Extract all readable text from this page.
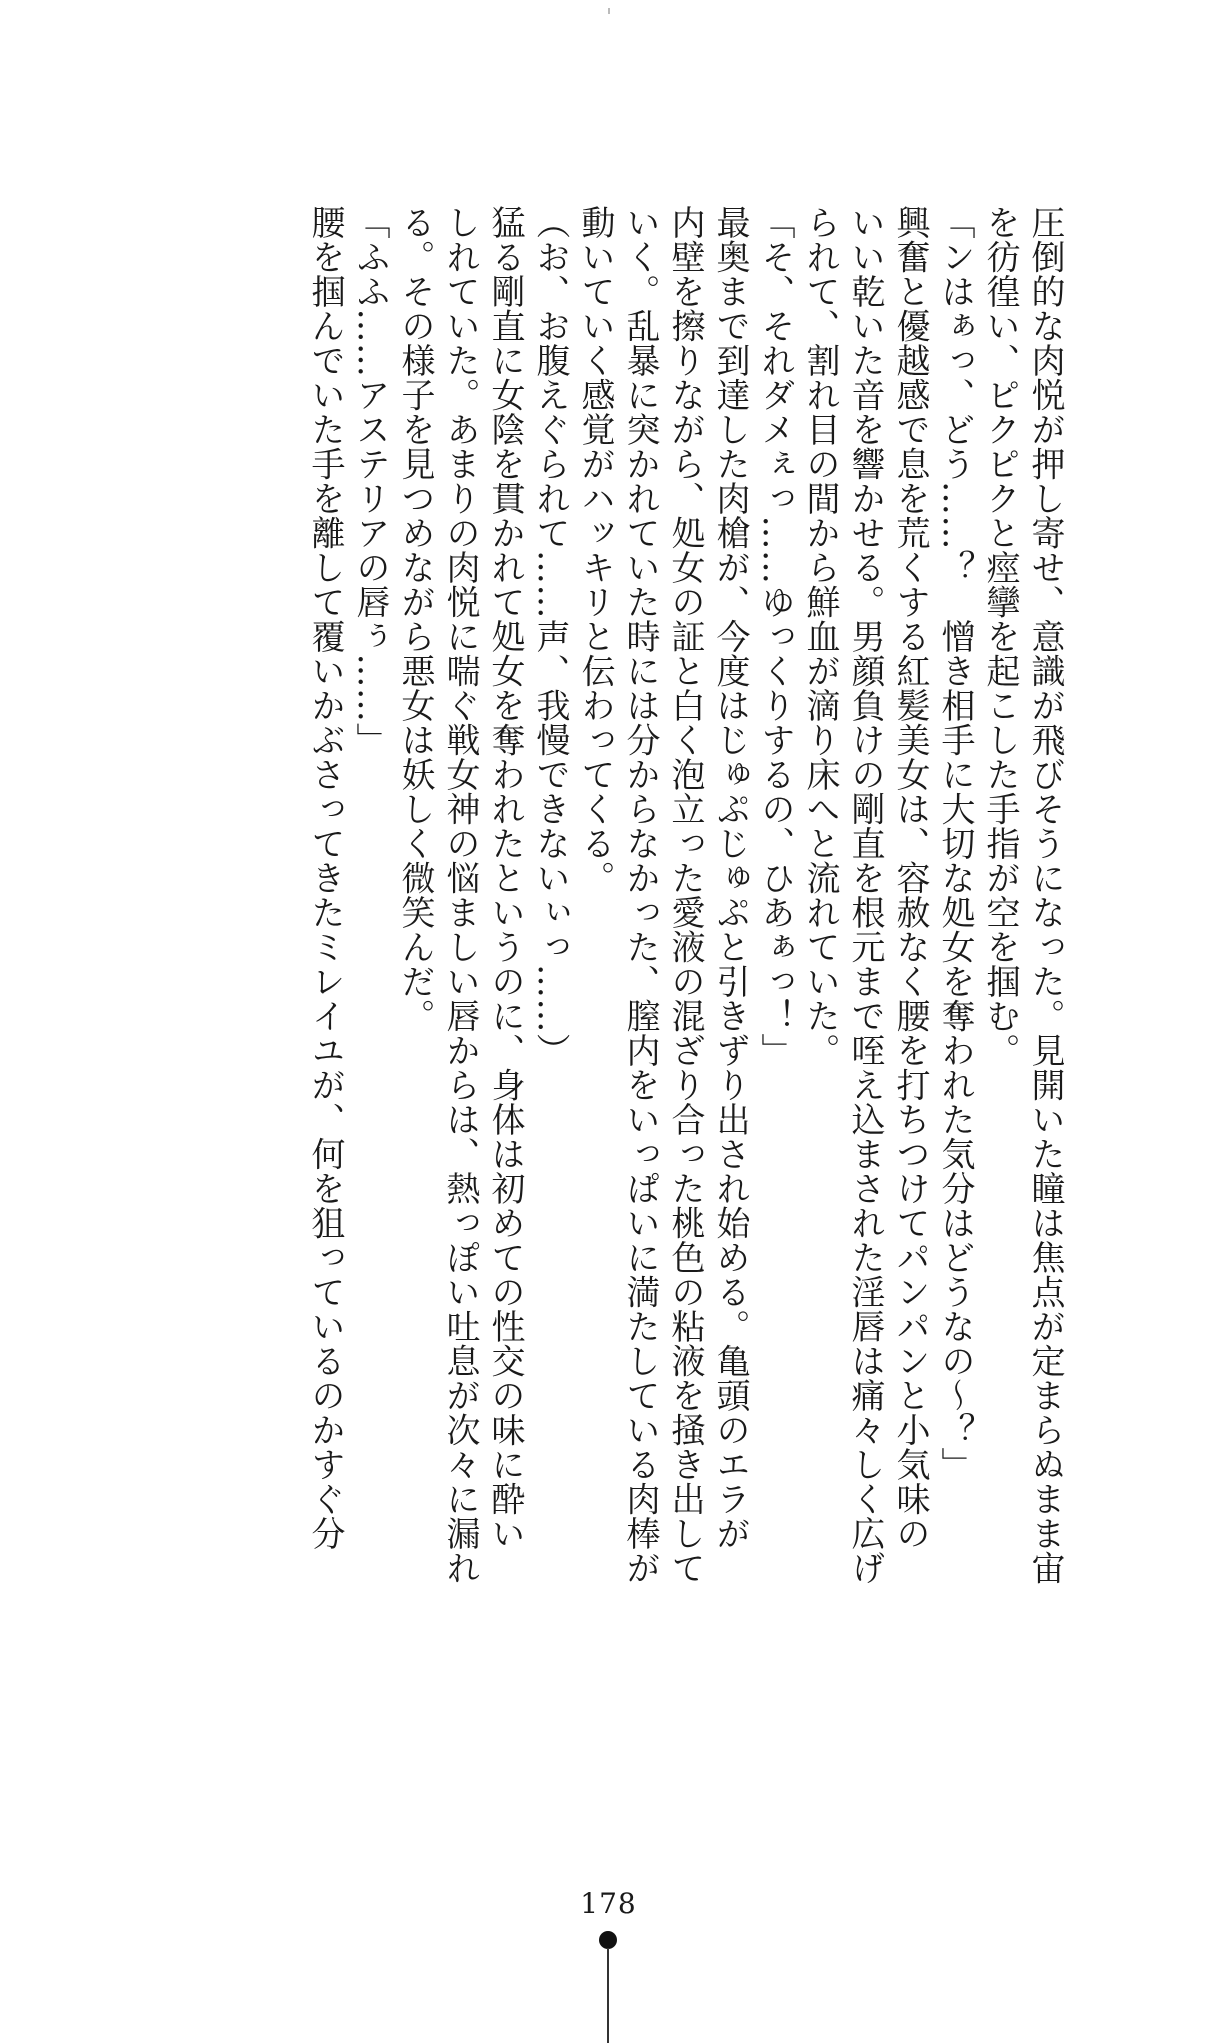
圧倒的な肉悦が押し寄せ、意識が飛びそうになった。見開いた瞳は焦点が定まらぬまま宙
を彷徨い、ピクピクと痙攣を起こした手指が空を掴む。
「ンはぁっ、どう……？　憎き相手に大切な処女を奪われた気分はどうなの～？」
興奮と優越感で息を荒くする紅髪美女は、容赦なく腰を打ちつけてパンパンと小気味の
いい乾いた音を響かせる。男顔負けの剛直を根元まで咥え込まされた淫唇は痛々しく広げ
られて、割れ目の間から鮮血が滴り床へと流れていた。
「そ、それダメぇっ……ゆっくりするの、ひあぁっ！」
最奥まで到達した肉槍が、今度はじゅぷじゅぷと引きずり出され始める。亀頭のエラが
内壁を擦りながら、処女の証と白く泡立った愛液の混ざり合った桃色の粘液を掻き出して
いく。乱暴に突かれていた時には分からなかった、膣内をいっぱいに満たしている肉棒が
動いていく感覚がハッキリと伝わってくる。
（お、お腹えぐられて……声、我慢できないぃっ……）
猛る剛直に女陰を貫かれて処女を奪われたというのに、身体は初めての性交の味に酔い
しれていた。あまりの肉悦に喘ぐ戦女神の悩ましい唇からは、熱っぽい吐息が次々に漏れ
る。その様子を見つめながら悪女は妖しく微笑んだ。
「ふふ……アステリアの唇ぅ……」
腰を掴んでいた手を離して覆いかぶさってきたミレイユが、何を狙っているのかすぐ分
178
